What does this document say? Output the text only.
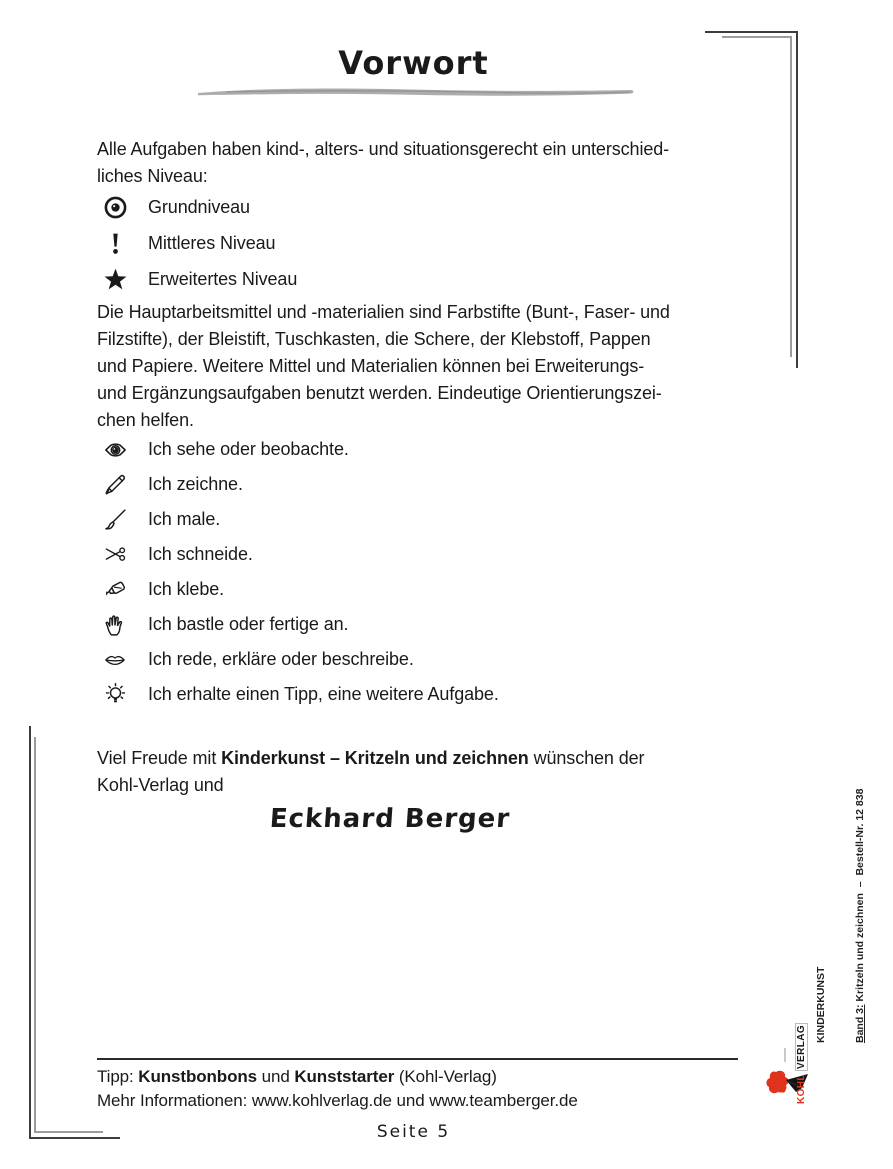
Vorwort
Alle Aufgaben haben kind-, alters- und situationsgerecht ein unterschied-
liches Niveau:
Grundniveau
Mittleres Niveau
Erweitertes Niveau
Die Hauptarbeitsmittel und -materialien sind Farbstifte (Bunt-, Faser- und
Filzstifte), der Bleistift, Tuschkasten, die Schere, der Klebstoff, Pappen
und Papiere. Weitere Mittel und Materialien können bei Erweiterungs-
und Ergänzungsaufgaben benutzt werden. Eindeutige Orientierungszei-
chen helfen.
Ich sehe oder beobachte.
Ich zeichne.
Ich male.
Ich schneide.
Ich klebe.
Ich bastle oder fertige an.
Ich rede, erkläre oder beschreibe.
Ich erhalte einen Tipp, eine weitere Aufgabe.
Viel Freude mit Kinderkunst – Kritzeln und zeichnen wünschen der
Kohl-Verlag und
Eckhard Berger

KINDERKUNST

	Band 3: Kritzeln und zeichnen  –  Bestell-Nr. 12 838

Tipp: Kunstbonbons und Kunststarter (Kohl-Verlag)
Mehr Informationen: www.kohlverlag.de und www.teamberger.de
Seite 5
KOHLVERLAG
